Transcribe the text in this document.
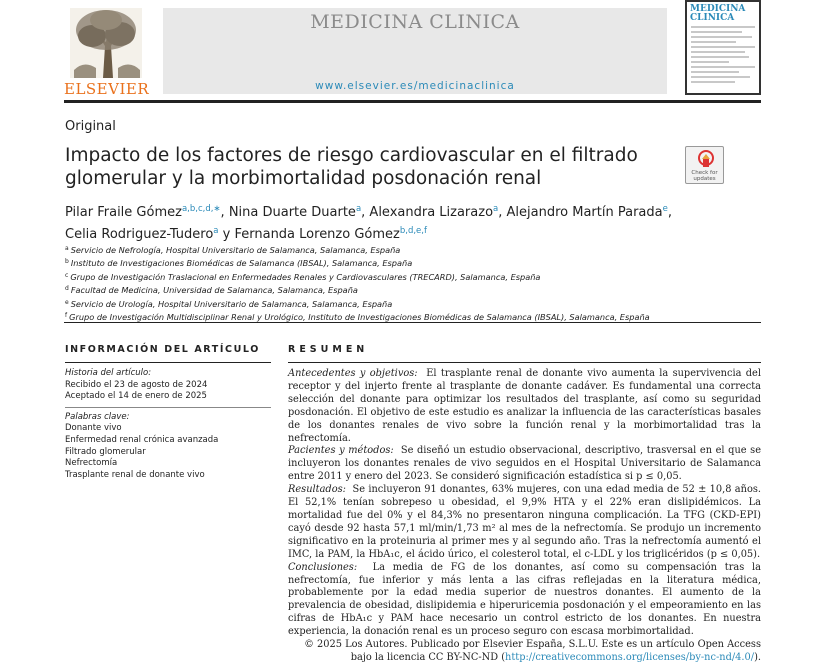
ELSEVIER
MEDICINA CLINICA
www.elsevier.es/medicinaclinica
MEDICINA CLINICA
Original
Impacto de los factores de riesgo cardiovascular en el filtrado glomerular y la morbimortalidad posdonación renal	Check for updates
Pilar Fraile Gómez$^{a,b,c,d,∗}$, Nina Duarte Duarte$^a$, Alexandra Lizarazo$^a$, Alejandro Martín Parada$^e$,
Celia Rodriguez-Tudero$^a$ y Fernanda Lorenzo Gómez$^{b,d,e,f}$
$^a$ Servicio de Nefrología, Hospital Universitario de Salamanca, Salamanca, España
$^b$ Instituto de Investigaciones Biomédicas de Salamanca (IBSAL), Salamanca, España
$^c$ Grupo de Investigación Traslacional en Enfermedades Renales y Cardiovasculares (TRECARD), Salamanca, España
$^d$ Facultad de Medicina, Universidad de Salamanca, Salamanca, España
$^e$ Servicio de Urología, Hospital Universitario de Salamanca, Salamanca, España
$^f$ Grupo de Investigación Multidisciplinar Renal y Urológico, Instituto de Investigaciones Biomédicas de Salamanca (IBSAL), Salamanca, España
INFORMACIÓN DEL ARTÍCULO	RESUMEN
Historia del artículo:
Recibido el 23 de agosto de 2024
Aceptado el 14 de enero de 2025
Palabras clave:
Donante vivo
Enfermedad renal crónica avanzada
Filtrado glomerular
Nefrectomía
Trasplante renal de donante vivo
Antecedentes y objetivos: El trasplante renal de donante vivo aumenta la supervivencia del receptor y del injerto frente al trasplante de donante cadáver. Es fundamental una correcta selección del donante para optimizar los resultados del trasplante, así como su seguridad posdonación. El objetivo de este estudio es analizar la influencia de las características basales de los donantes renales de vivo sobre la función renal y la morbimortalidad tras la nefrectomía.
Pacientes y métodos: Se diseñó un estudio observacional, descriptivo, trasversal en el que se incluyeron los donantes renales de vivo seguidos en el Hospital Universitario de Salamanca entre 2011 y enero del 2023. Se consideró significación estadística si p ≤ 0,05.
Resultados: Se incluyeron 91 donantes, 63% mujeres, con una edad media de 52 ± 10,8 años. El 52,1% tenían sobrepeso u obesidad, el 9,9% HTA y el 22% eran dislipidémicos. La mortalidad fue del 0% y el 84,3% no presentaron ninguna complicación. La TFG (CKD-EPI) cayó desde 92 hasta 57,1 ml/min/1,73 m² al mes de la nefrectomía. Se produjo un incremento significativo en la proteinuria al primer mes y al segundo año. Tras la nefrectomía aumentó el IMC, la PAM, la HbA₁c, el ácido úrico, el colesterol total, el c-LDL y los triglicéridos (p ≤ 0,05).
Conclusiones: La media de FG de los donantes, así como su compensación tras la nefrectomía, fue inferior y más lenta a las cifras reflejadas en la literatura médica, probablemente por la edad media superior de nuestros donantes. El aumento de la prevalencia de obesidad, dislipidemia e hiperuricemia posdonación y el empeoramiento en las cifras de HbA₁c y PAM hace necesario un control estricto de los donantes. En nuestra experiencia, la donación renal es un proceso seguro con escasa morbimortalidad.
© 2025 Los Autores. Publicado por Elsevier España, S.L.U. Este es un artículo Open Access bajo la licencia CC BY-NC-ND (http://creativecommons.org/licenses/by-nc-nd/4.0/).
